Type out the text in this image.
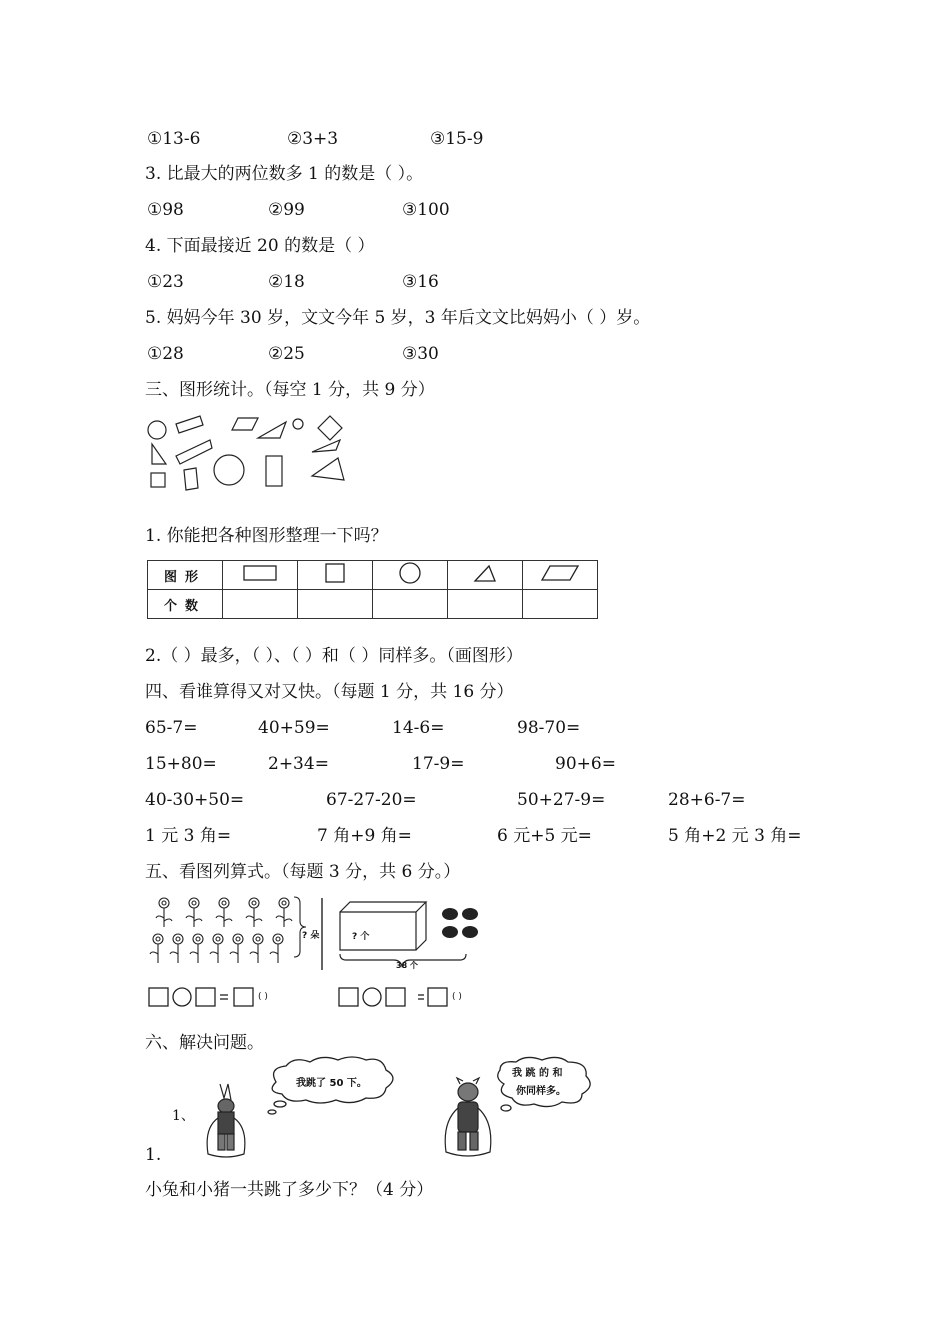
①13-6	②3+3	③15-9
3. 比最大的两位数多 1 的数是（ ）。
①98	②99	③100
4. 下面最接近 20 的数是（ ）
①23	②18	③16
5. 妈妈今年 30 岁，文文今年 5 岁，3 年后文文比妈妈小（ ）岁。
①28	②25	③30
三、图形统计。（每空 1 分，共 9 分）
1. 你能把各种图形整理一下吗？
图形					
个数					
2.（ ）最多，（ ）、（ ）和（ ）同样多。（画图形）
四、看谁算得又对又快。（每题 1 分，共 16 分）
65-7=	40+59=	14-6=	98-70=
15+80=	2+34=	17-9=	90+6=
40-30+50=	67-27-20=	50+27-9=	28+6-7=
1 元 3 角=	7 角+9 角=	6 元+5 元=	5 角+2 元 3 角=
五、看图列算式。（每题 3 分，共 6 分。）
? 朵	? 个
38 个
( )	( )
六、解决问题。
我跳了 50 下。
我 跳 的 和
你同样多。
1、
1.
小兔和小猪一共跳了多少下？（4 分）
